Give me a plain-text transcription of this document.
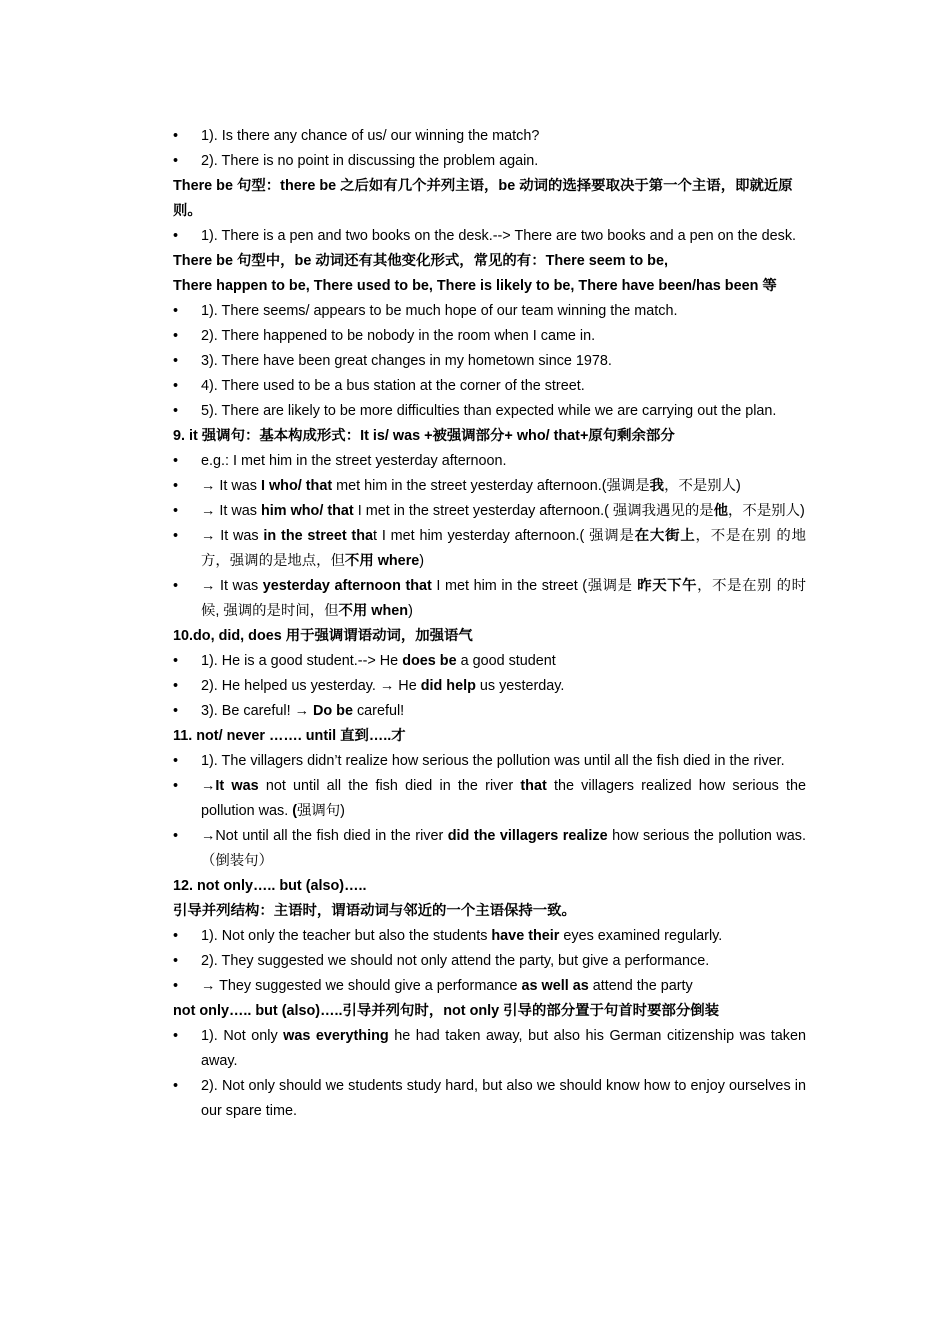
•	1). Is there any chance of us/ our winning the match?

•	2). There is no point in discussing the problem again.

There be 句型：there be 之后如有几个并列主语，be 动词的选择要取决于第一个主语，即就近原则。

•	1). There is a pen and two books on the desk.--> There are two books and a pen on the desk.

There be 句型中，be 动词还有其他变化形式，常见的有：There seem to be,

There happen to be, There used to be, There is likely to be, There have been/has been 等

•	1). There seems/ appears to be much hope of our team winning the match.

•	2). There happened to be nobody in the room when I came in.

•	3). There have been great changes in my hometown since 1978.

•	4). There used to be a bus station at the corner of the street.

•	5). There are likely to be more difficulties than expected while we are carrying out the plan.

9. it 强调句：基本构成形式：It is/ was +被强调部分+ who/ that+原句剩余部分

•	e.g.: I met him in the street yesterday afternoon.

•	→ It was I who/ that met him in the street yesterday afternoon.(强调是我，不是别人)

•	→ It was him who/ that I met in the street yesterday afternoon.( 强调我遇见的是他，不是别人)

•	→ It was in the street that I met him yesterday afternoon.( 强调是在大街上，不是在别 的地方，强调的是地点，但不用 where)

•	→ It was yesterday afternoon that I met him in the street (强调是 昨天下午，不是在别 的时候, 强调的是时间，但不用 when)

10.do, did, does 用于强调谓语动词，加强语气

•	1). He is a good student.--> He does be a good student

•	2). He helped us yesterday. → He did help us yesterday.

•	3). Be careful! → Do be careful!

11. not/ never ……. until 直到…..才

•	1). The villagers didn’t realize how serious the pollution was until all the fish died in the river.

•	→It was not until all the fish died in the river that the villagers realized how serious the pollution was. (强调句)

•	→Not until all the fish died in the river did the villagers realize how serious the pollution was.（倒装句）

12. not only….. but (also)…..

引导并列结构：主语时，谓语动词与邻近的一个主语保持一致。

•	1). Not only the teacher but also the students have their eyes examined regularly.

•	2). They suggested we should not only attend the party, but give a performance.

•	→ They suggested we should give a performance as well as attend the party

not only….. but (also)…..引导并列句时，not only 引导的部分置于句首时要部分倒装

•	1). Not only was everything he had taken away, but also his German citizenship was taken away.

•	2). Not only should we students study hard, but also we should know how to enjoy ourselves in our spare time.
